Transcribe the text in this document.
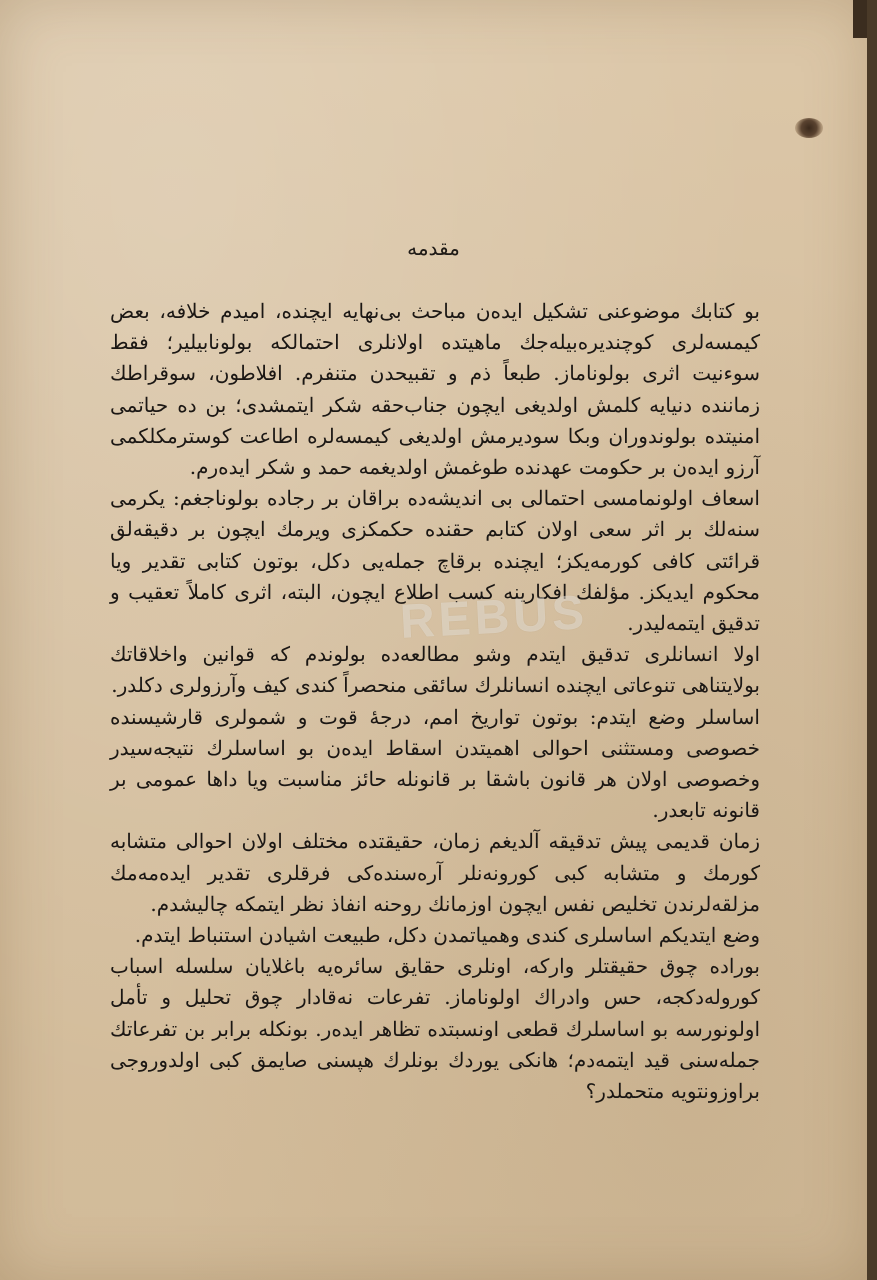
مقدمه

بو کتابك موضوعنی تشکیل ایدەن مباحث بی‌نهایه ایچنده، امیدم خلافه، بعض کیمسەلری کوچندیرەبیلەجك ماهیتده اولانلری احتمالکه بولونابیلیر؛ فقط سوءنیت اثری بولوناماز. طبعاً ذم و تقبیحدن متنفرم. افلاطون، سوقراطك زماننده دنیایه کلمش اولدیغی ایچون جناب‌حقه شکر ایتمشدی؛ بن ده حیاتمی امنیتده بولوندوران وبکا سودیرمش اولدیغی کیمسەلرە اطاعت کوسترمکلکمی آرزو ایدەن بر حکومت عهدنده طوغمش اولدیغمه حمد و شکر ایدەرم.

اسعاف اولونمامسی احتمالی بی اندیشەده براقان بر رجاده بولوناجغم: یکرمی سنەلك بر اثر سعی اولان کتابم حقنده حکمکزی ویرمك ایچون بر دقیقەلق قرائتی کافی کورمەیکز؛ ایچنده برقاچ جملەیی دکل، بوتون کتابی تقدیر ویا محکوم ایدیکز. مؤلفك افکارینه کسب اطلاع ایچون، البته، اثری کاملاً تعقیب و تدقیق ایتمەلیدر.

اولا انسانلری تدقیق ایتدم وشو مطالعەده بولوندم که قوانین واخلاقاتك بولایتناهی تنوعاتی ایچنده انسانلرك سائقی منحصراً کندی کیف وآرزولری دکلدر.

اساسلر وضع ایتدم: بوتون تواریخ امم، درجهٔ قوت و شمولری قارشیسنده خصوصی ومستثنی احوالی اهمیتدن اسقاط ایدەن بو اساسلرك نتیجەسیدر وخصوصی اولان هر قانون باشقا بر قانونله حائز مناسبت ویا داها عمومی بر قانونه تابعدر.

زمان قدیمی پیش تدقیقه آلدیغم زمان، حقیقتده مختلف اولان احوالی متشابه کورمك و متشابه کبی کورونەنلر آرەسندەکی فرقلری تقدیر ایدەمەمك مزلقەلرندن تخلیص نفس ایچون اوزمانك روحنه انفاذ نظر ایتمکه چالیشدم.

وضع ایتدیکم اساسلری کندی وهمیاتمدن دکل، طبیعت اشیادن استنباط ایتدم.

بوراده چوق حقیقتلر وارکه، اونلری حقایق سائرەیه باغلایان سلسله اسباب کورولەدکجه، حس وادراك اولوناماز. تفرعات نەقادار چوق تحلیل و تأمل اولونورسه بو اساسلرك قطعی اونسبتده تظاهر ایدەر. بونکله برابر بن تفرعاتك جملەسنی قید ایتمەدم؛ هانکی یوردك بونلرك هپسنی صایمق کبی اولدوروجی براوزونتویه متحملدر؟

REBUS
